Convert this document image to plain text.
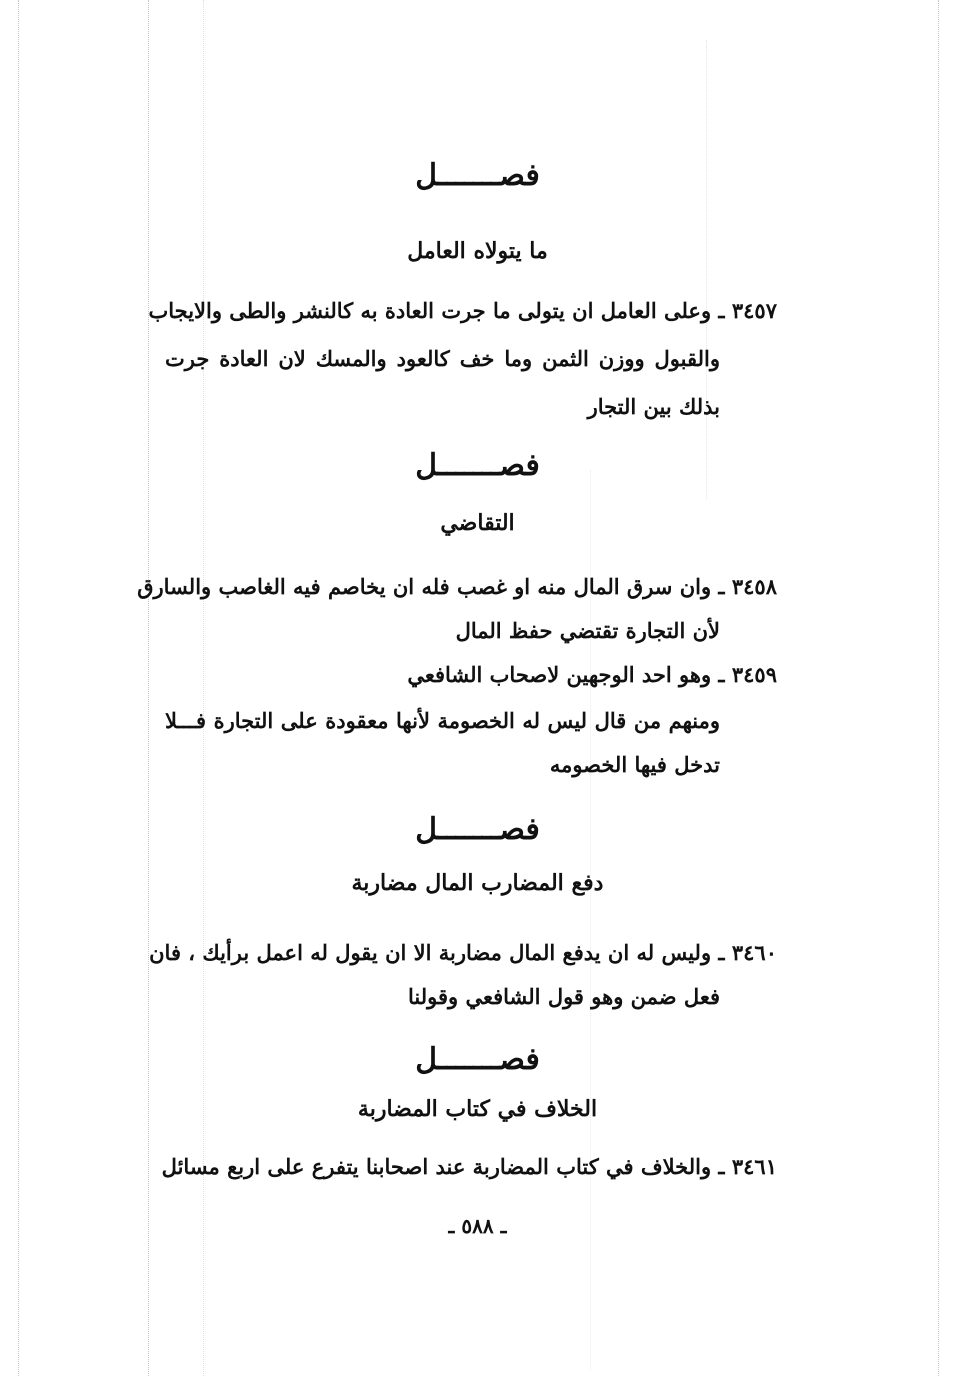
فصـــــــل
ما يتولاه العامل
٣٤٥٧ ـ وعلى العامل ان يتولى ما جرت العادة به كالنشر والطى والايجاب
والقبول ووزن الثمن وما خف كالعود والمسك لان العادة جرت
بذلك بين التجار
فصـــــــل
التقاضي
٣٤٥٨ ـ وان سرق المال منه او غصب فله ان يخاصم فيه الغاصب والسارق
لأن التجارة تقتضي حفظ المال
٣٤٥٩ ـ وهو احد الوجهين لاصحاب الشافعي
ومنهم من قال ليس له الخصومة لأنها معقودة على التجارة فـــلا
تدخل فيها الخصومه
فصـــــــل
دفع المضارب المال مضاربة
٣٤٦٠ ـ وليس له ان يدفع المال مضاربة الا ان يقول له اعمل برأيك ، فان
فعل ضمن وهو قول الشافعي وقولنا
فصـــــــل
الخلاف في كتاب المضاربة
٣٤٦١ ـ والخلاف في كتاب المضاربة عند اصحابنا يتفرع على اربع مسائل
ـ ٥٨٨ ـ
